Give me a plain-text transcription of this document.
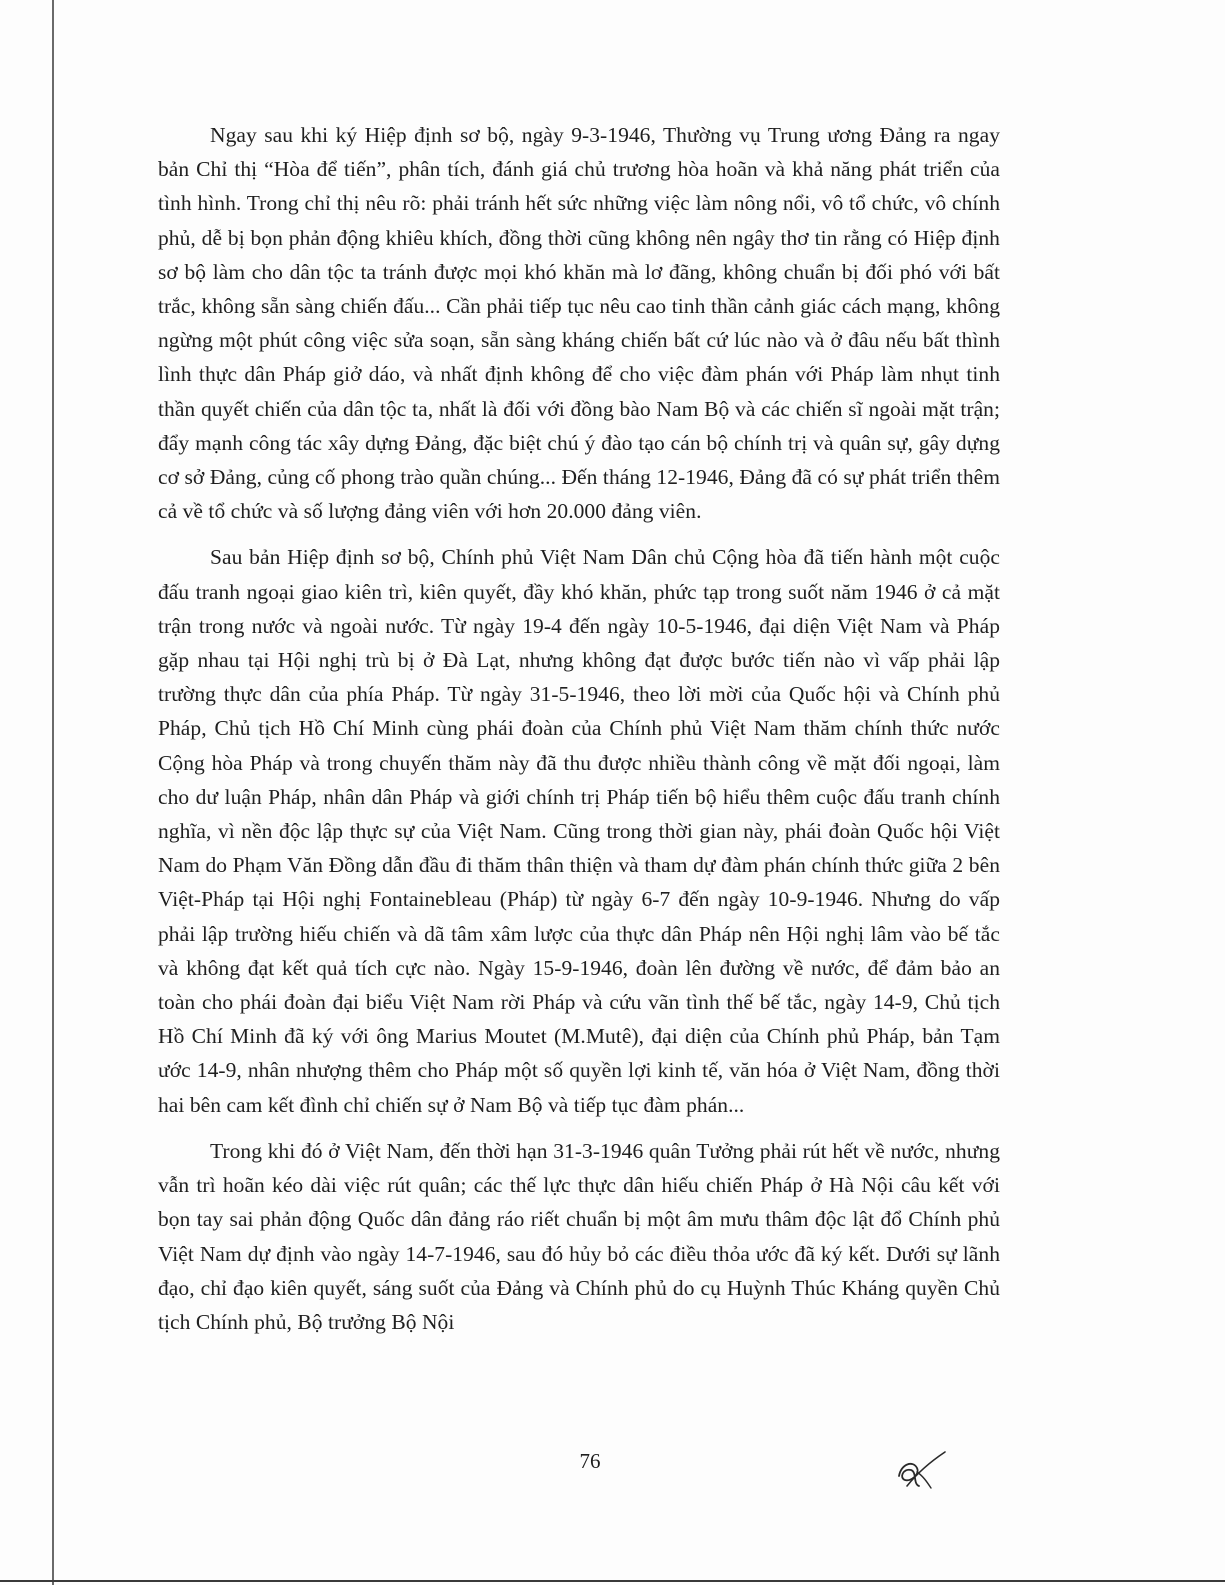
Ngay sau khi ký Hiệp định sơ bộ, ngày 9-3-1946, Thường vụ Trung ương Đảng ra ngay bản Chỉ thị “Hòa để tiến”, phân tích, đánh giá chủ trương hòa hoãn và khả năng phát triển của tình hình. Trong chỉ thị nêu rõ: phải tránh hết sức những việc làm nông nổi, vô tổ chức, vô chính phủ, dễ bị bọn phản động khiêu khích, đồng thời cũng không nên ngây thơ tin rằng có Hiệp định sơ bộ làm cho dân tộc ta tránh được mọi khó khăn mà lơ đãng, không chuẩn bị đối phó với bất trắc, không sẵn sàng chiến đấu... Cần phải tiếp tục nêu cao tinh thần cảnh giác cách mạng, không ngừng một phút công việc sửa soạn, sẵn sàng kháng chiến bất cứ lúc nào và ở đâu nếu bất thình lình thực dân Pháp giở dáo, và nhất định không để cho việc đàm phán với Pháp làm nhụt tinh thần quyết chiến của dân tộc ta, nhất là đối với đồng bào Nam Bộ và các chiến sĩ ngoài mặt trận; đẩy mạnh công tác xây dựng Đảng, đặc biệt chú ý đào tạo cán bộ chính trị và quân sự, gây dựng cơ sở Đảng, củng cố phong trào quần chúng... Đến tháng 12-1946, Đảng đã có sự phát triển thêm cả về tổ chức và số lượng đảng viên với hơn 20.000 đảng viên.

Sau bản Hiệp định sơ bộ, Chính phủ Việt Nam Dân chủ Cộng hòa đã tiến hành một cuộc đấu tranh ngoại giao kiên trì, kiên quyết, đầy khó khăn, phức tạp trong suốt năm 1946 ở cả mặt trận trong nước và ngoài nước. Từ ngày 19-4 đến ngày 10-5-1946, đại diện Việt Nam và Pháp gặp nhau tại Hội nghị trù bị ở Đà Lạt, nhưng không đạt được bước tiến nào vì vấp phải lập trường thực dân của phía Pháp. Từ ngày 31-5-1946, theo lời mời của Quốc hội và Chính phủ Pháp, Chủ tịch Hồ Chí Minh cùng phái đoàn của Chính phủ Việt Nam thăm chính thức nước Cộng hòa Pháp và trong chuyến thăm này đã thu được nhiều thành công về mặt đối ngoại, làm cho dư luận Pháp, nhân dân Pháp và giới chính trị Pháp tiến bộ hiểu thêm cuộc đấu tranh chính nghĩa, vì nền độc lập thực sự của Việt Nam. Cũng trong thời gian này, phái đoàn Quốc hội Việt Nam do Phạm Văn Đồng dẫn đầu đi thăm thân thiện và tham dự đàm phán chính thức giữa 2 bên Việt-Pháp tại Hội nghị Fontainebleau (Pháp) từ ngày 6-7 đến ngày 10-9-1946. Nhưng do vấp phải lập trường hiếu chiến và dã tâm xâm lược của thực dân Pháp nên Hội nghị lâm vào bế tắc và không đạt kết quả tích cực nào. Ngày 15-9-1946, đoàn lên đường về nước, để đảm bảo an toàn cho phái đoàn đại biểu Việt Nam rời Pháp và cứu vãn tình thế bế tắc, ngày 14-9, Chủ tịch Hồ Chí Minh đã ký với ông Marius Moutet (M.Mutê), đại diện của Chính phủ Pháp, bản Tạm ước 14-9, nhân nhượng thêm cho Pháp một số quyền lợi kinh tế, văn hóa ở Việt Nam, đồng thời hai bên cam kết đình chỉ chiến sự ở Nam Bộ và tiếp tục đàm phán...

Trong khi đó ở Việt Nam, đến thời hạn 31-3-1946 quân Tưởng phải rút hết về nước, nhưng vẫn trì hoãn kéo dài việc rút quân; các thế lực thực dân hiếu chiến Pháp ở Hà Nội câu kết với bọn tay sai phản động Quốc dân đảng ráo riết chuẩn bị một âm mưu thâm độc lật đổ Chính phủ Việt Nam dự định vào ngày 14-7-1946, sau đó hủy bỏ các điều thỏa ước đã ký kết. Dưới sự lãnh đạo, chỉ đạo kiên quyết, sáng suốt của Đảng và Chính phủ do cụ Huỳnh Thúc Kháng quyền Chủ tịch Chính phủ, Bộ trưởng Bộ Nội

76
